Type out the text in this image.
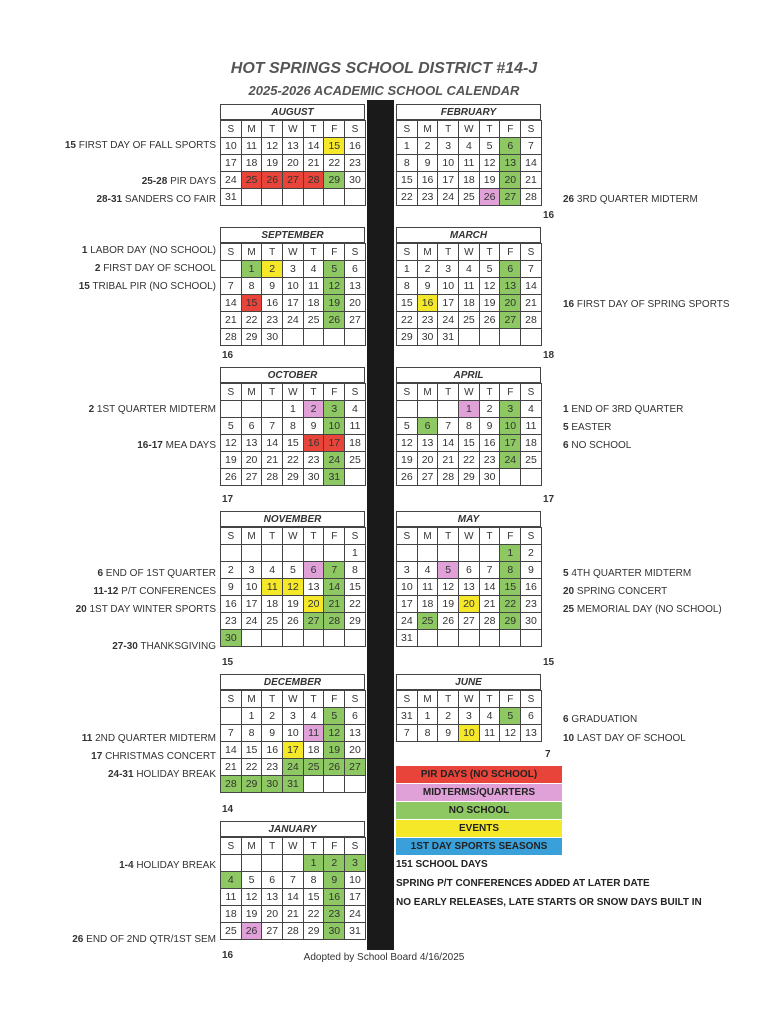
HOT SPRINGS SCHOOL DISTRICT #14-J
2025-2026 ACADEMIC SCHOOL CALENDAR
AUGUST
S	M	T	W	T	F	S
10	11	12	13	14	15	16
17	18	19	20	21	22	23
24	25	26	27	28	29	30
31						
SEPTEMBER
S	M	T	W	T	F	S
	1	2	3	4	5	6
7	8	9	10	11	12	13
14	15	16	17	18	19	20
21	22	23	24	25	26	27
28	29	30				
OCTOBER
S	M	T	W	T	F	S
			1	2	3	4
5	6	7	8	9	10	11
12	13	14	15	16	17	18
19	20	21	22	23	24	25
26	27	28	29	30	31	
NOVEMBER
S	M	T	W	T	F	S
						1
2	3	4	5	6	7	8
9	10	11	12	13	14	15
16	17	18	19	20	21	22
23	24	25	26	27	28	29
30						
DECEMBER
S	M	T	W	T	F	S
	1	2	3	4	5	6
7	8	9	10	11	12	13
14	15	16	17	18	19	20
21	22	23	24	25	26	27
28	29	30	31			
JANUARY
S	M	T	W	T	F	S
				1	2	3
4	5	6	7	8	9	10
11	12	13	14	15	16	17
18	19	20	21	22	23	24
25	26	27	28	29	30	31
FEBRUARY
S	M	T	W	T	F	S
1	2	3	4	5	6	7
8	9	10	11	12	13	14
15	16	17	18	19	20	21
22	23	24	25	26	27	28
MARCH
S	M	T	W	T	F	S
1	2	3	4	5	6	7
8	9	10	11	12	13	14
15	16	17	18	19	20	21
22	23	24	25	26	27	28
29	30	31				
APRIL
S	M	T	W	T	F	S
			1	2	3	4
5	6	7	8	9	10	11
12	13	14	15	16	17	18
19	20	21	22	23	24	25
26	27	28	29	30		
MAY
S	M	T	W	T	F	S
					1	2
3	4	5	6	7	8	9
10	11	12	13	14	15	16
17	18	19	20	21	22	23
24	25	26	27	28	29	30
31						
JUNE
S	M	T	W	T	F	S
31	1	2	3	4	5	6
7	8	9	10	11	12	13
16
17
15
14
16
16
18
17
15
7
15 FIRST DAY OF FALL SPORTS
25-28 PIR DAYS
28-31 SANDERS CO FAIR
1 LABOR DAY (NO SCHOOL)
2 FIRST DAY OF SCHOOL
15 TRIBAL PIR (NO SCHOOL)
2 1ST QUARTER MIDTERM
16-17 MEA DAYS
6 END OF 1ST QUARTER
11-12 P/T CONFERENCES
20 1ST DAY WINTER SPORTS
27-30 THANKSGIVING
11 2ND QUARTER MIDTERM
17 CHRISTMAS CONCERT
24-31 HOLIDAY BREAK
1-4 HOLIDAY BREAK
26 END OF 2ND QTR/1ST SEM
26 3RD QUARTER MIDTERM
16 FIRST DAY OF SPRING SPORTS
1 END OF 3RD QUARTER
5 EASTER
6 NO SCHOOL
5 4TH QUARTER MIDTERM
20 SPRING CONCERT
25 MEMORIAL DAY (NO SCHOOL)
6 GRADUATION
10 LAST DAY OF SCHOOL
PIR DAYS (NO SCHOOL)
MIDTERMS/QUARTERS
NO SCHOOL
EVENTS
1ST DAY SPORTS SEASONS
151 SCHOOL DAYS
SPRING P/T CONFERENCES ADDED AT LATER DATE
NO EARLY RELEASES, LATE STARTS OR SNOW DAYS BUILT IN
Adopted by School Board 4/16/2025
